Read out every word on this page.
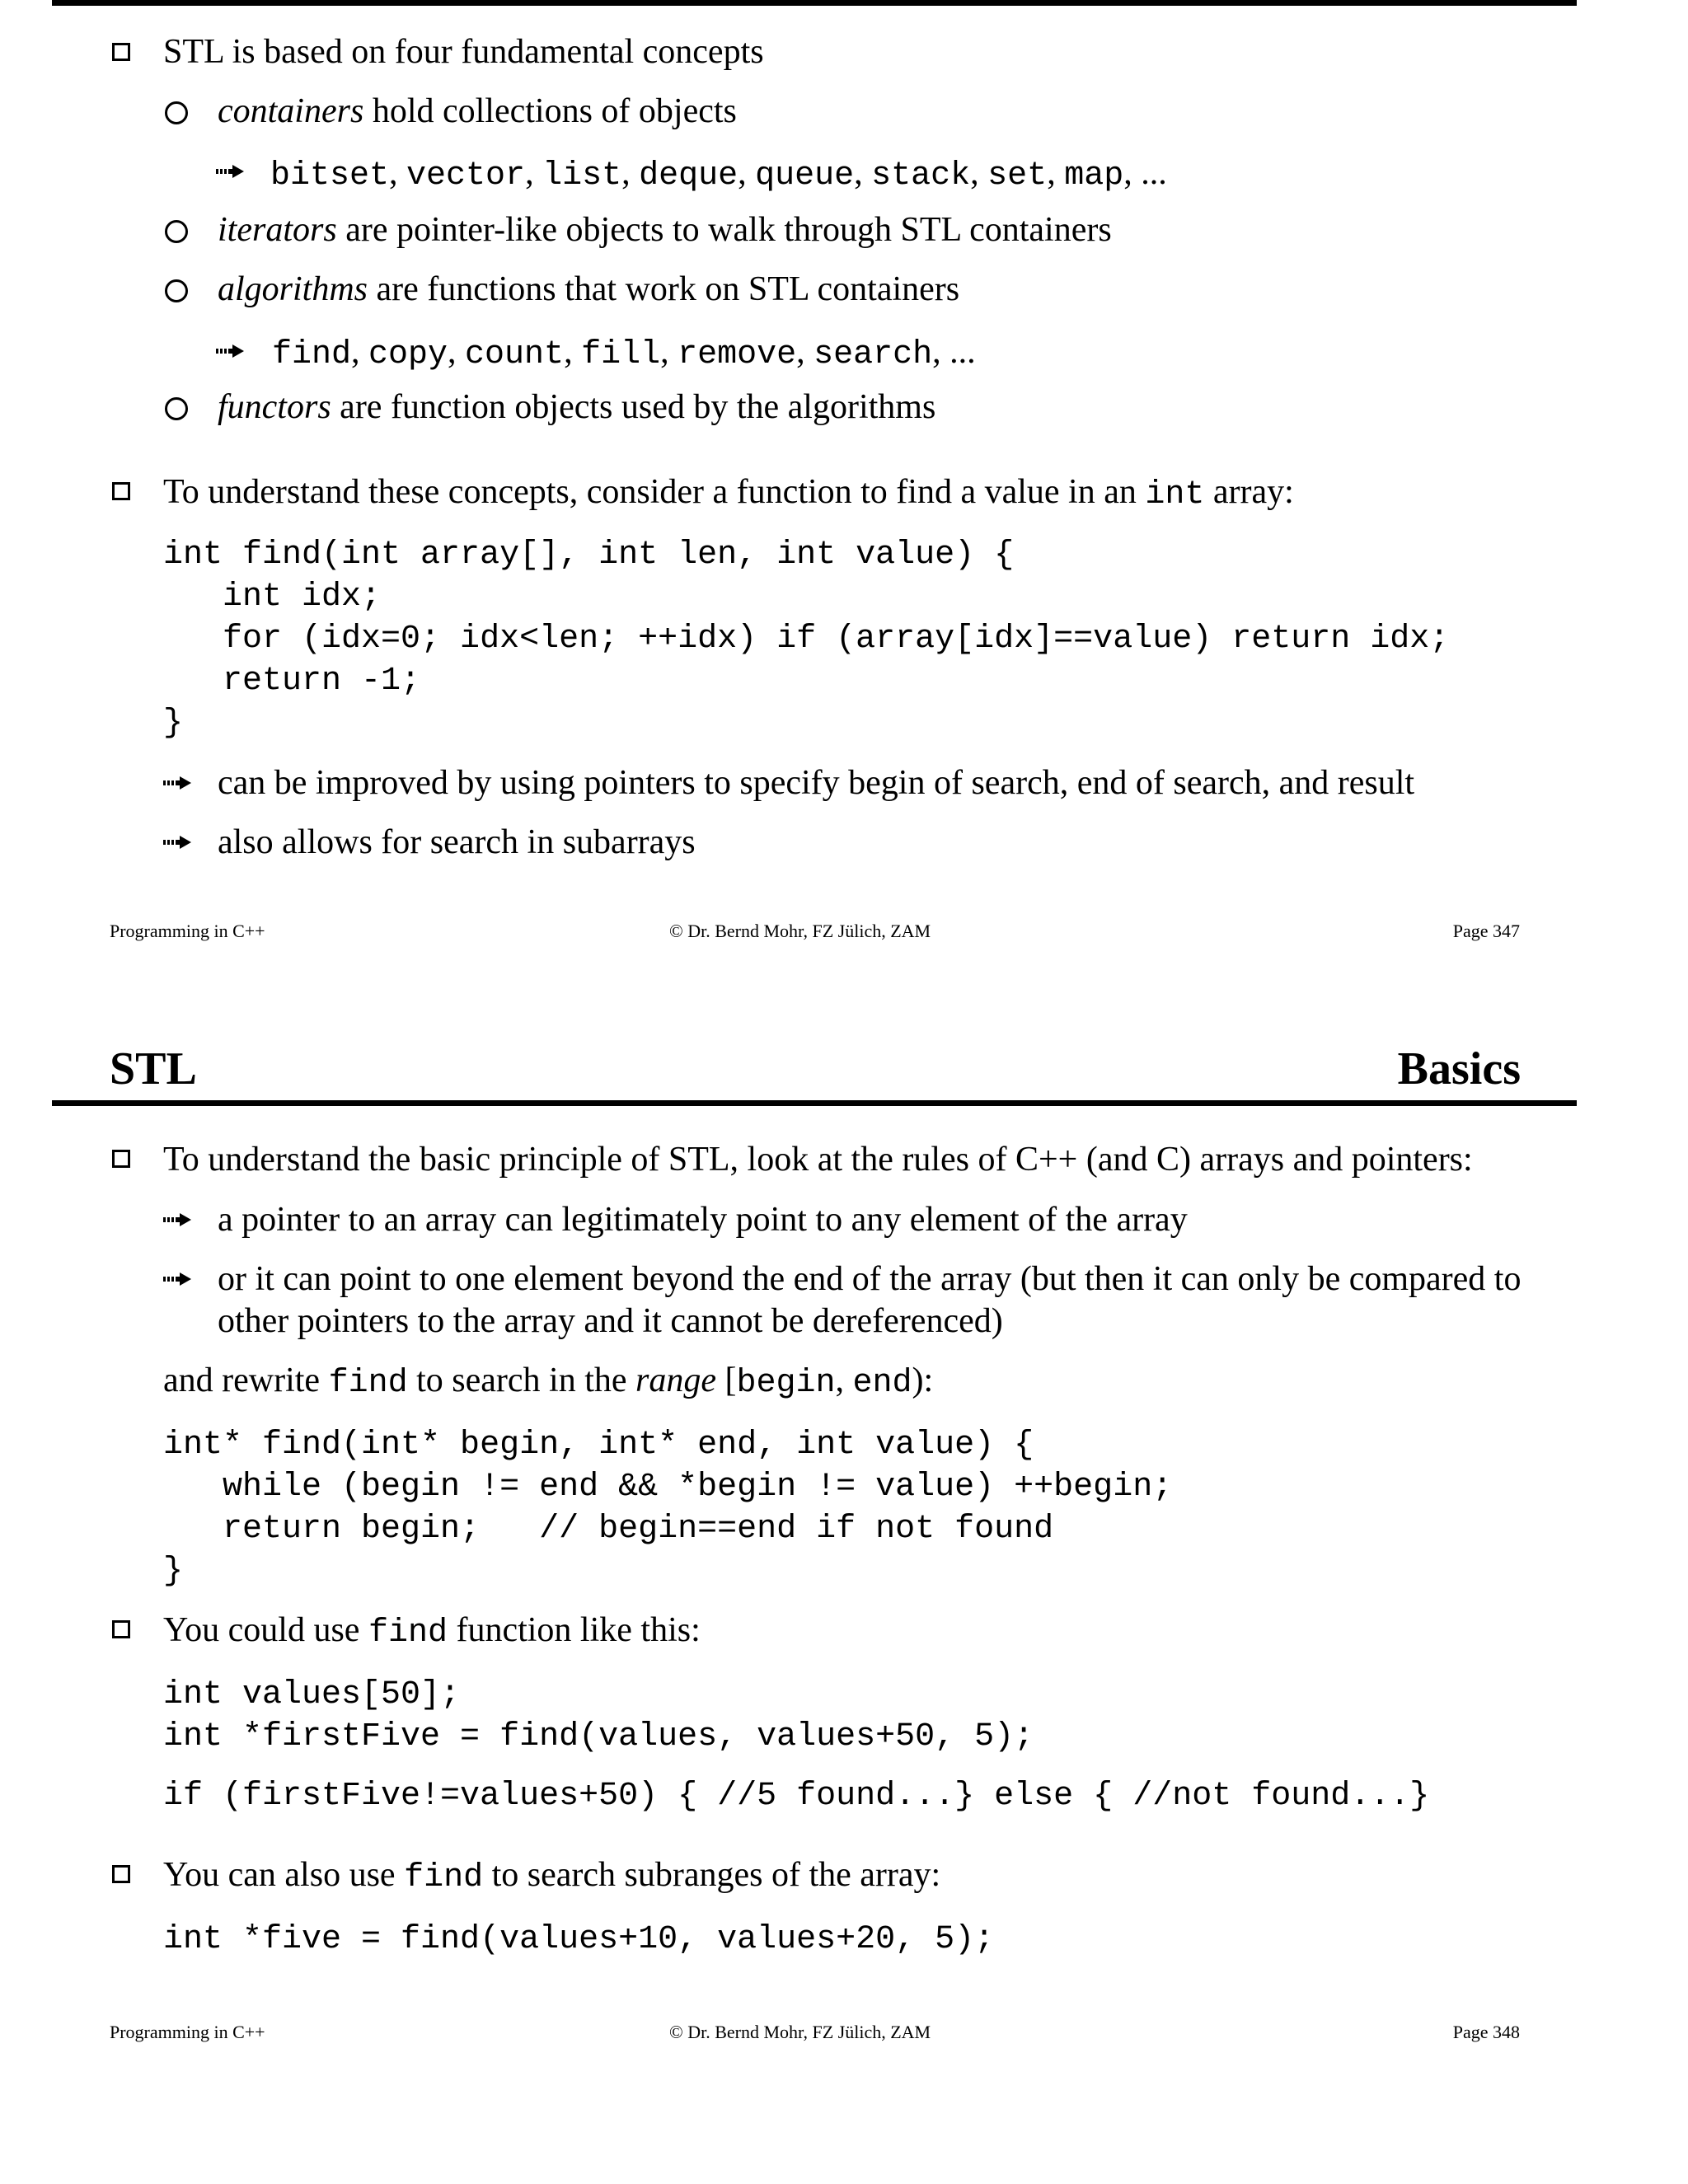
STL is based on four fundamental concepts
containers hold collections of objects
bitset, vector, list, deque, queue, stack, set, map, ...
iterators are pointer-like objects to walk through STL containers
algorithms are functions that work on STL containers
find, copy, count, fill, remove, search, ...
functors are function objects used by the algorithms
To understand these concepts, consider a function to find a value in an int array:
int find(int array[], int len, int value) {
int idx;
for (idx=0; idx<len; ++idx) if (array[idx]==value) return idx;
return -1;
}
can be improved by using pointers to specify begin of search, end of search, and result
also allows for search in subarrays
Programming in C++	© Dr. Bernd Mohr, FZ Jülich, ZAM	Page 347
STL	Basics
To understand the basic principle of STL, look at the rules of C++ (and C) arrays and pointers:
a pointer to an array can legitimately point to any element of the array
or it can point to one element beyond the end of the array (but then it can only be compared to
other pointers to the array and it cannot be dereferenced)
and rewrite find to search in the range [begin, end):
int* find(int* begin, int* end, int value) {
while (begin != end && *begin != value) ++begin;
return begin;   // begin==end if not found
}
You could use find function like this:
int values[50];
int *firstFive = find(values, values+50, 5);
if (firstFive!=values+50) { //5 found...} else { //not found...}
You can also use find to search subranges of the array:
int *five = find(values+10, values+20, 5);
Programming in C++	© Dr. Bernd Mohr, FZ Jülich, ZAM	Page 348
